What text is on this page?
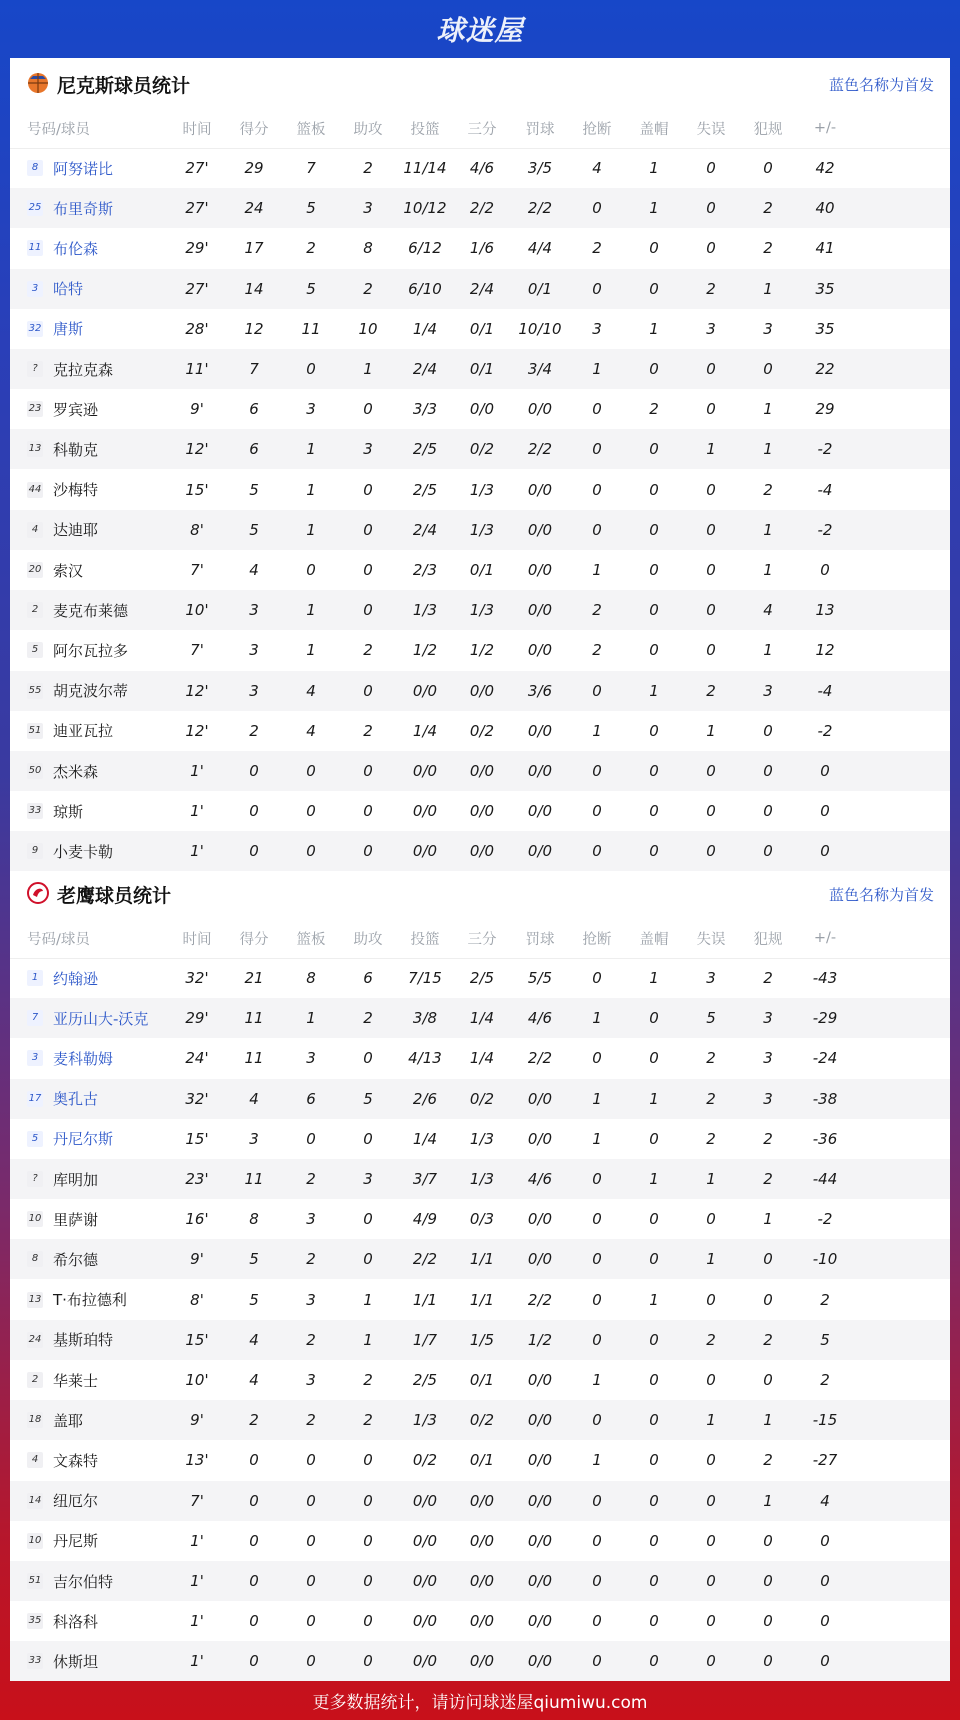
球迷屋
尼克斯球员统计	蓝色名称为首发
号码/球员	时间	得分	篮板	助攻	投篮	三分	罚球	抢断	盖帽	失误	犯规	+/-
8 阿努诺比	27'	29	7	2	11/14	4/6	3/5	4	1	0	0	42
25 布里奇斯	27'	24	5	3	10/12	2/2	2/2	0	1	0	2	40
11 布伦森	29'	17	2	8	6/12	1/6	4/4	2	0	0	2	41
3 哈特	27'	14	5	2	6/10	2/4	0/1	0	0	2	1	35
32 唐斯	28'	12	11	10	1/4	0/1	10/10	3	1	3	3	35
?	克拉克森	11'	7	0	1	2/4	0/1	3/4	1	0	0	0	22
23 罗宾逊	9'	6	3	0	3/3	0/0	0/0	0	2	0	1	29
13 科勒克	12'	6	1	3	2/5	0/2	2/2	0	0	1	1	-2
44 沙梅特	15'	5	1	0	2/5	1/3	0/0	0	0	0	2	-4
4 达迪耶	8'	5	1	0	2/4	1/3	0/0	0	0	0	1	-2
20 索汉	7'	4	0	0	2/3	0/1	0/0	1	0	0	1	0
2 麦克布莱德	10'	3	1	0	1/3	1/3	0/0	2	0	0	4	13
5 阿尔瓦拉多	7'	3	1	2	1/2	1/2	0/0	2	0	0	1	12
55 胡克波尔蒂	12'	3	4	0	0/0	0/0	3/6	0	1	2	3	-4
51 迪亚瓦拉	12'	2	4	2	1/4	0/2	0/0	1	0	1	0	-2
50 杰米森	1'	0	0	0	0/0	0/0	0/0	0	0	0	0	0
33 琼斯	1'	0	0	0	0/0	0/0	0/0	0	0	0	0	0
9 小麦卡勒	1'	0	0	0	0/0	0/0	0/0	0	0	0	0	0
老鹰球员统计	蓝色名称为首发
号码/球员	时间	得分	篮板	助攻	投篮	三分	罚球	抢断	盖帽	失误	犯规	+/-
1 约翰逊	32'	21	8	6	7/15	2/5	5/5	0	1	3	2	-43
7 亚历山大-沃克	29'	11	1	2	3/8	1/4	4/6	1	0	5	3	-29
3 麦科勒姆	24'	11	3	0	4/13	1/4	2/2	0	0	2	3	-24
17 奥孔古	32'	4	6	5	2/6	0/2	0/0	1	1	2	3	-38
5 丹尼尔斯	15'	3	0	0	1/4	1/3	0/0	1	0	2	2	-36
?	库明加	23'	11	2	3	3/7	1/3	4/6	0	1	1	2	-44
10 里萨谢	16'	8	3	0	4/9	0/3	0/0	0	0	0	1	-2
8 希尔德	9'	5	2	0	2/2	1/1	0/0	0	0	1	0	-10
13 T·布拉德利	8'	5	3	1	1/1	1/1	2/2	0	1	0	0	2
24 基斯珀特	15'	4	2	1	1/7	1/5	1/2	0	0	2	2	5
2 华莱士	10'	4	3	2	2/5	0/1	0/0	1	0	0	0	2
18 盖耶	9'	2	2	2	1/3	0/2	0/0	0	0	1	1	-15
4 文森特	13'	0	0	0	0/2	0/1	0/0	1	0	0	2	-27
14 纽厄尔	7'	0	0	0	0/0	0/0	0/0	0	0	0	1	4
10 丹尼斯	1'	0	0	0	0/0	0/0	0/0	0	0	0	0	0
51 吉尔伯特	1'	0	0	0	0/0	0/0	0/0	0	0	0	0	0
35 科洛科	1'	0	0	0	0/0	0/0	0/0	0	0	0	0	0
33 休斯坦	1'	0	0	0	0/0	0/0	0/0	0	0	0	0	0
更多数据统计，请访问球迷屋qiumiwu.com
